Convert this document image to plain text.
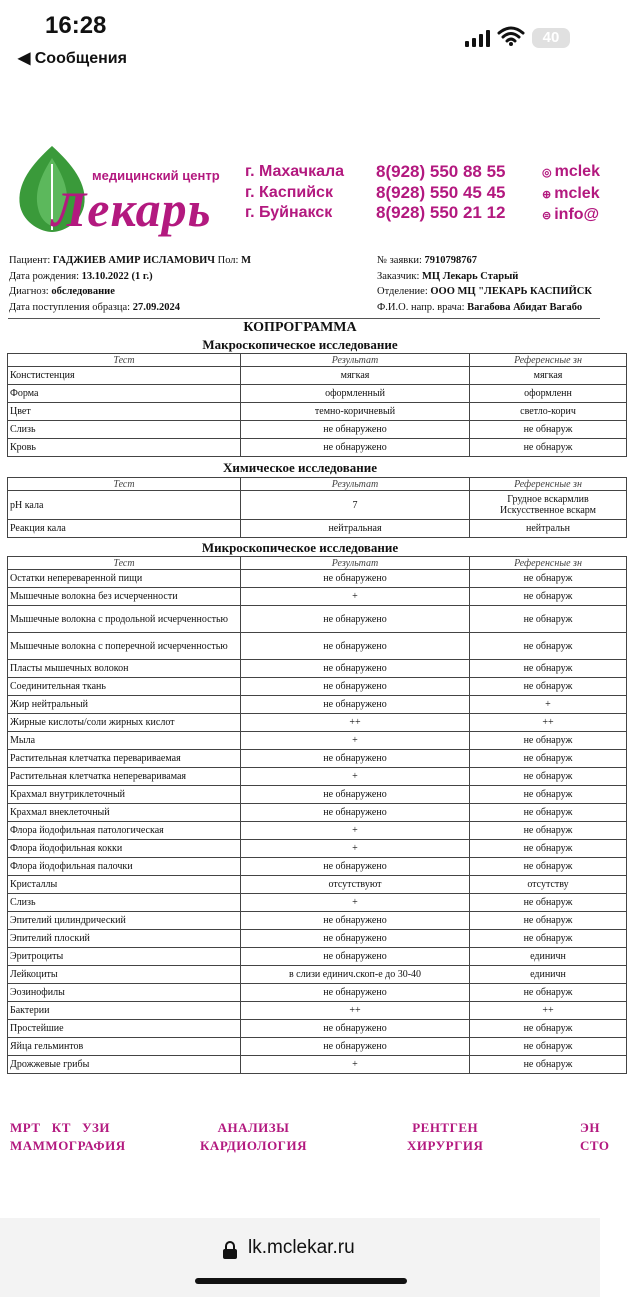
16:28
◀ Сообщения
40
медицинский центр
Лекарь
г. Махачкала
г. Каспийск
г. Буйнакск
8(928) 550 88 55
8(928) 550 45 45
8(928) 550 21 12
◎ mclek
⊕ mclek
⊜ info@
Пациент: ГАДЖИЕВ АМИР ИСЛАМОВИЧ Пол: М
Дата рождения: 13.10.2022 (1 г.)
Диагноз: обследование
Дата поступления образца: 27.09.2024
№ заявки: 7910798767
Заказчик: МЦ Лекарь Старый
Отделение: ООО МЦ "ЛЕКАРЬ КАСПИЙСК
Ф.И.О. напр. врача: Вагабова Абидат Вагабо
КОПРОГРАММА
Макроскопическое исследование
Тест	Результат	Референсные зн
Констистенция	мягкая	мягкая
Форма	оформленный	оформленн
Цвет	темно-коричневый	светло-корич
Слизь	не обнаружено	не обнаруж
Кровь	не обнаружено	не обнаруж
Химическое исследование
Тест	Результат	Референсные зн
pH кала	7	Грудное вскармлив
Искусственное вскарм
Реакция кала	нейтральная	нейтральн
Микроскопическое исследование
Тест	Результат	Референсные зн
Остатки непереваренной пищи	не обнаружено	не обнаруж
Мышечные волокна без исчерченности	+	не обнаруж
Мышечные волокна с продольной исчерченностью	не обнаружено	не обнаруж
Мышечные волокна с поперечной исчерченностью	не обнаружено	не обнаруж
Пласты мышечных волокон	не обнаружено	не обнаруж
Соединительная ткань	не обнаружено	не обнаруж
Жир нейтральный	не обнаружено	+
Жирные кислоты/соли жирных кислот	++	++
Мыла	+	не обнаруж
Растительная клетчатка перевариваемая	не обнаружено	не обнаруж
Растительная клетчатка непереваривамая	+	не обнаруж
Крахмал внутриклеточный	не обнаружено	не обнаруж
Крахмал внеклеточный	не обнаружено	не обнаруж
Флора йодофильная патологическая	+	не обнаруж
Флора йодофильная кокки	+	не обнаруж
Флора йодофильная палочки	не обнаружено	не обнаруж
Кристаллы	отсутствуют	отсутству
Слизь	+	не обнаруж
Эпителий цилиндрический	не обнаружено	не обнаруж
Эпителий плоский	не обнаружено	не обнаруж
Эритроциты	не обнаружено	единичн
Лейкоциты	в слизи единич.скоп-е до 30-40	единичн
Эозинофилы	не обнаружено	не обнаруж
Бактерии	++	++
Простейшие	не обнаружено	не обнаруж
Яйца гельминтов	не обнаружено	не обнаруж
Дрожжевые грибы	+	не обнаруж
МРТ   КТ   УЗИ
МАММОГРАФИЯ
АНАЛИЗЫ
КАРДИОЛОГИЯ
РЕНТГЕН
ХИРУРГИЯ
ЭН
СТО
lk.mclekar.ru
